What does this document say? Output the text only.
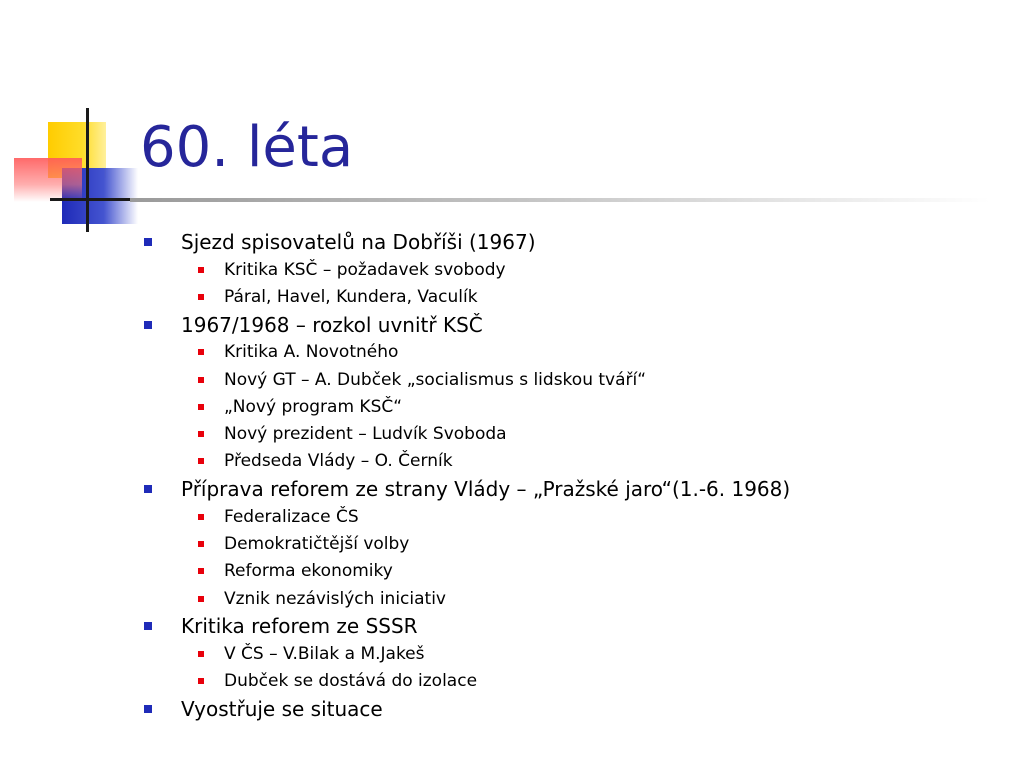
60. léta
Sjezd spisovatelů na Dobříši (1967)
Kritika KSČ – požadavek svobody
Páral, Havel, Kundera, Vaculík
1967/1968 – rozkol uvnitř KSČ
Kritika A. Novotného
Nový GT – A. Dubček „socialismus s lidskou tváří“
„Nový program KSČ“
Nový prezident – Ludvík Svoboda
Předseda Vlády – O. Černík
Příprava reforem ze strany Vlády – „Pražské jaro“(1.-6. 1968)
Federalizace ČS
Demokratičtější volby
Reforma ekonomiky
Vznik nezávislých iniciativ
Kritika reforem ze SSSR
V ČS – V.Bilak a M.Jakeš
Dubček se dostává do izolace
Vyostřuje se situace
